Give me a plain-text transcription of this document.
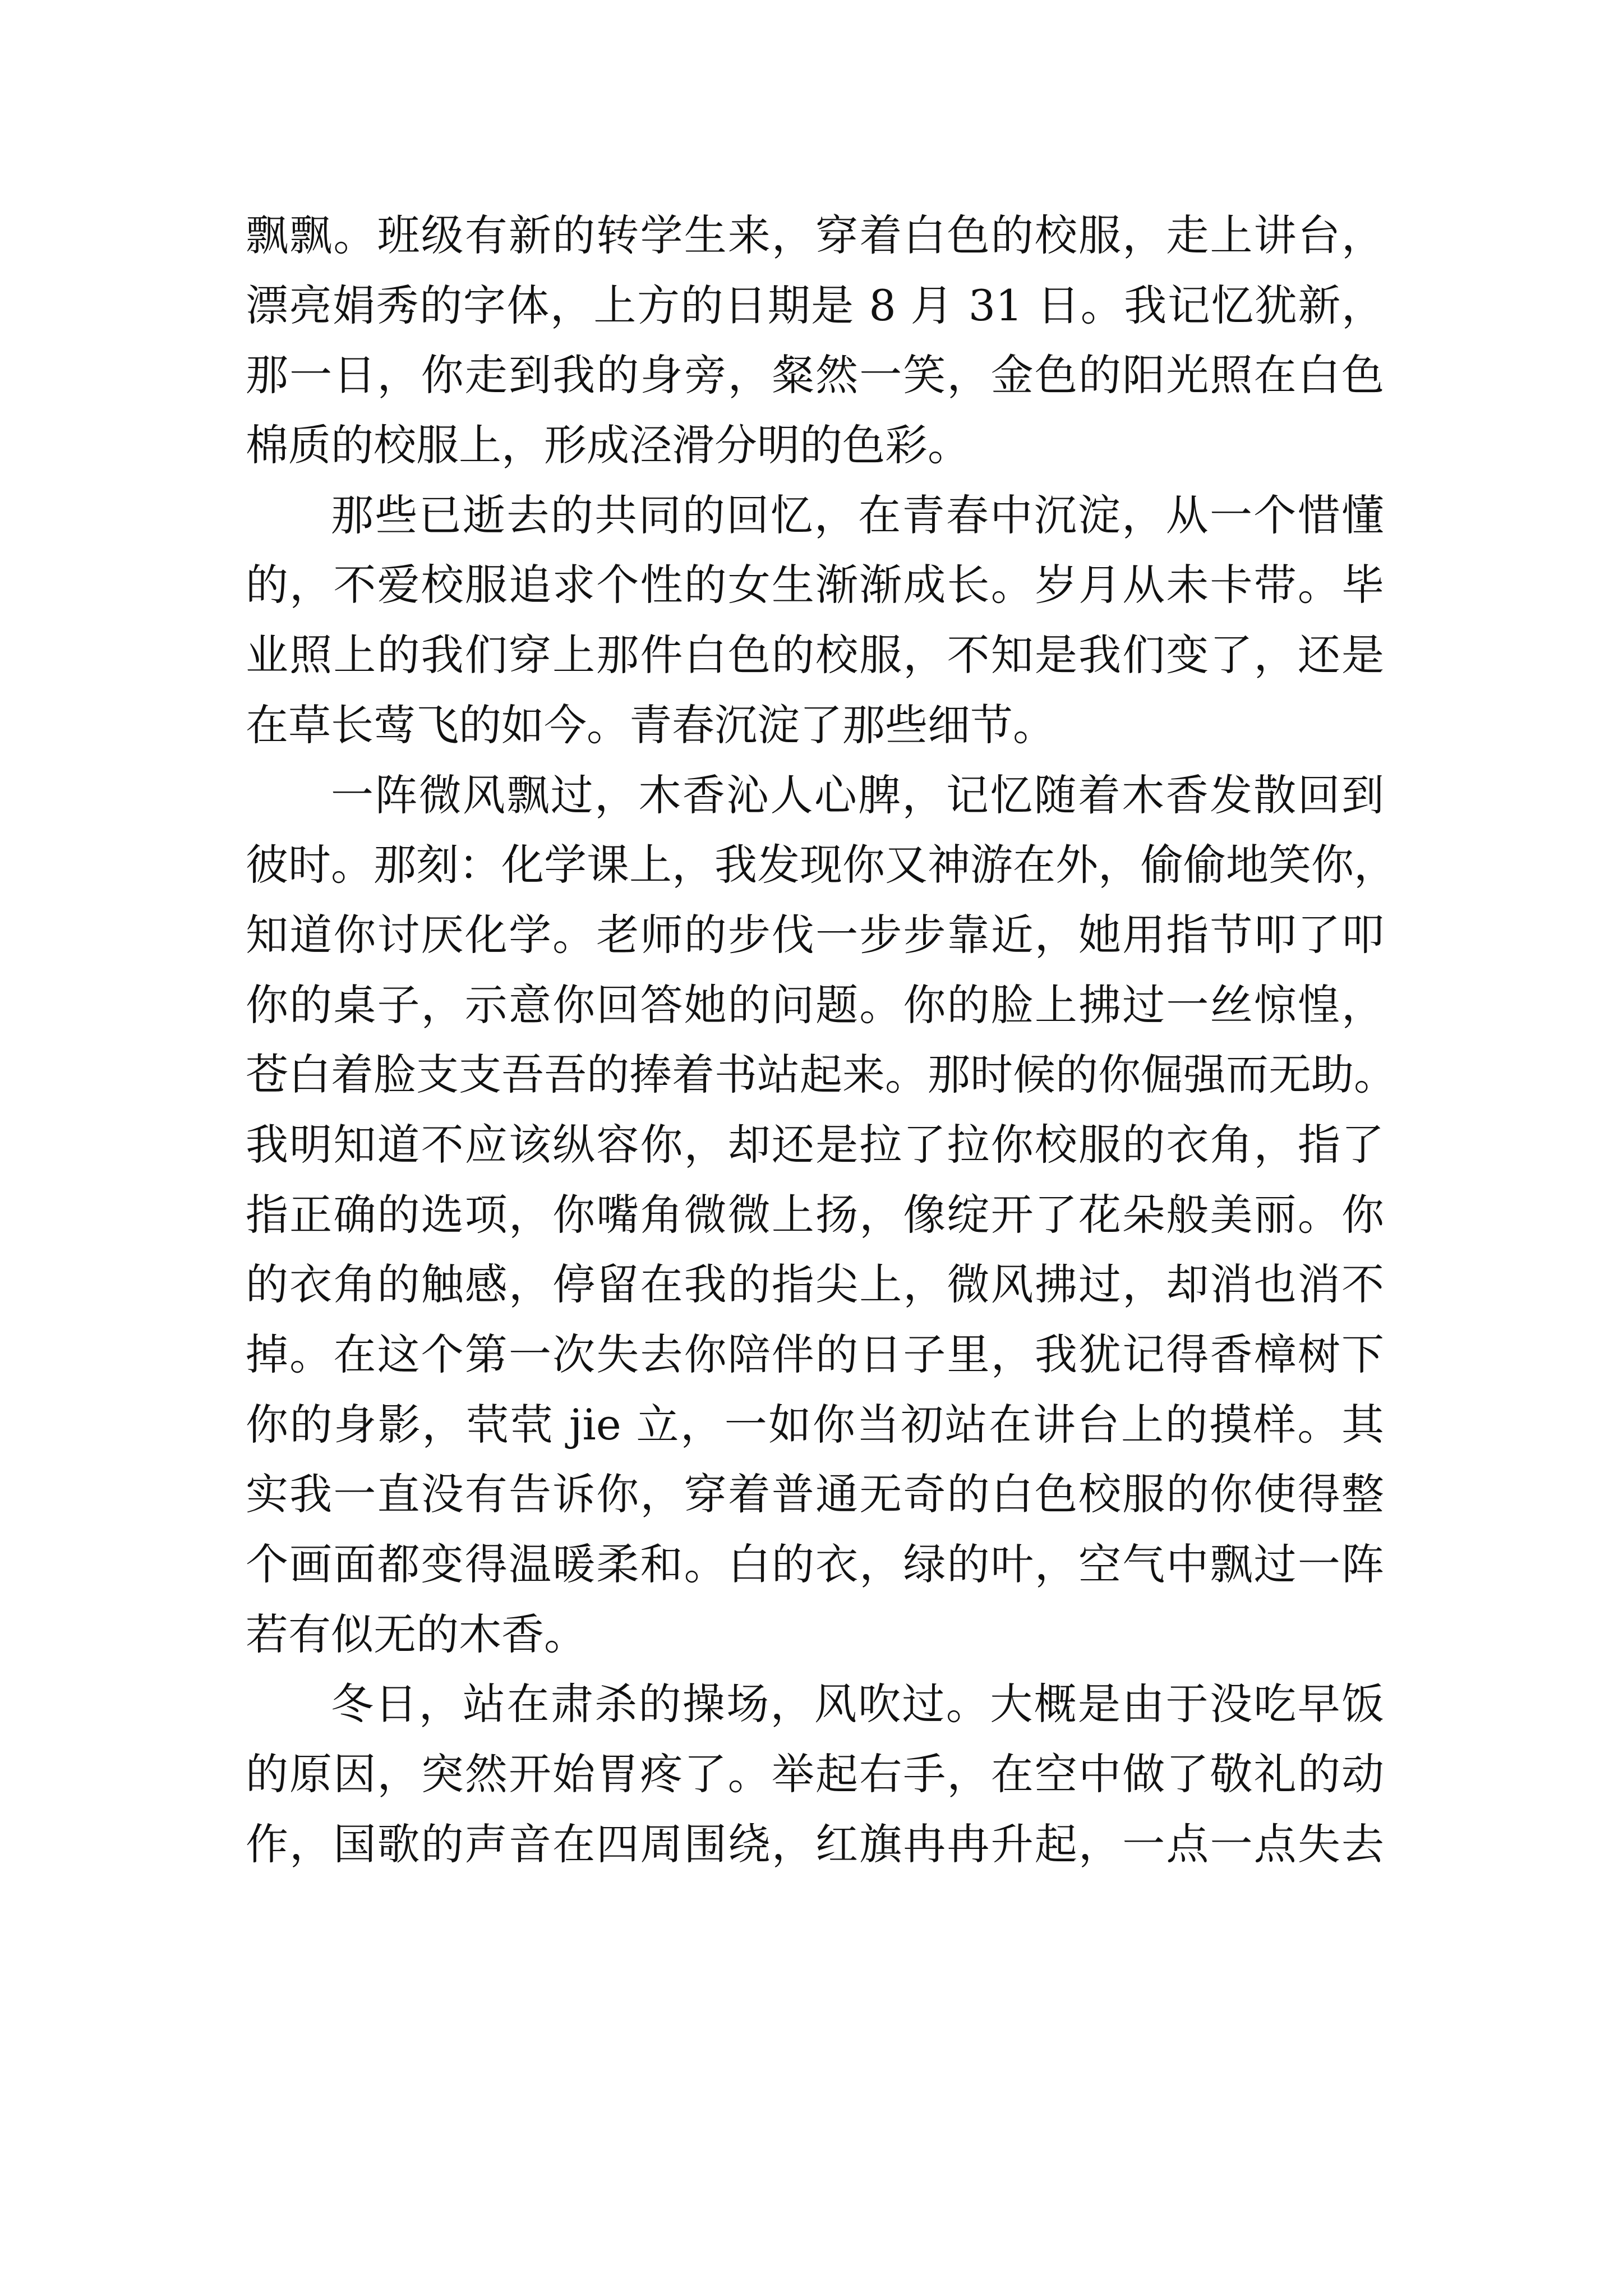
飘飘。班级有新的转学生来，穿着白色的校服，走上讲台，
漂亮娟秀的字体，上方的日期是 8 月 31 日。我记忆犹新，
那一日，你走到我的身旁，粲然一笑，金色的阳光照在白色
棉质的校服上，形成泾滑分明的色彩。
那些已逝去的共同的回忆，在青春中沉淀，从一个惜懂
的，不爱校服追求个性的女生渐渐成长。岁月从未卡带。毕
业照上的我们穿上那件白色的校服，不知是我们变了，还是
在草长莺飞的如今。青春沉淀了那些细节。
一阵微风飘过，木香沁人心脾，记忆随着木香发散回到
彼时。那刻：化学课上，我发现你又神游在外，偷偷地笑你，
知道你讨厌化学。老师的步伐一步步靠近，她用指节叩了叩
你的桌子，示意你回答她的问题。你的脸上拂过一丝惊惶，
苍白着脸支支吾吾的捧着书站起来。那时候的你倔强而无助。
我明知道不应该纵容你，却还是拉了拉你校服的衣角，指了
指正确的选项，你嘴角微微上扬，像绽开了花朵般美丽。你
的衣角的触感，停留在我的指尖上，微风拂过，却消也消不
掉。在这个第一次失去你陪伴的日子里，我犹记得香樟树下
你的身影，茕茕 jie 立，一如你当初站在讲台上的摸样。其
实我一直没有告诉你，穿着普通无奇的白色校服的你使得整
个画面都变得温暖柔和。白的衣，绿的叶，空气中飘过一阵
若有似无的木香。
冬日，站在肃杀的操场，风吹过。大概是由于没吃早饭
的原因，突然开始胃疼了。举起右手，在空中做了敬礼的动
作，国歌的声音在四周围绕，红旗冉冉升起，一点一点失去
